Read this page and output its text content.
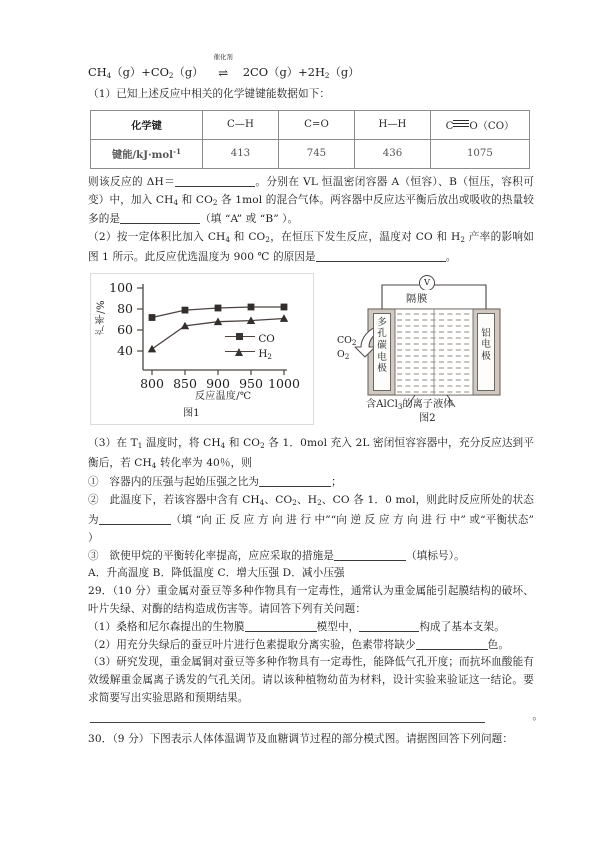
$CH_4(g)+CO_2(g)$
催化剂
⇌ $2CO(g)+2H_2(g)$
（1）已知上述反应中相关的化学键键能数据如下：
化学键	C—H	C=O	H—H	C O（CO）
键能/kJ·mol$^{-1}$	413	745	436	1075
则该反应的 ΔH＝	。分别在 VL 恒温密闭容器 A（恒容）、B（恒压，容积可变）中，加入 $CH_4$ 和 $CO_2$ 各 1mol 的混合气体。两容器中反应达平衡后放出或吸收的热量较多的是	（填 “A” 或 “B” ）。
（2）按一定体积比加入 $CH_4$ 和 $CO_2$，在恒压下发生反应，温度对 CO 和 $H_2$ 产率的影响如图 1 所示。此反应优选温度为 900 ℃ 的原因是	。
100
80
60
40
800 850 900 950 1000
产率/%
反应温度/℃
CO
$H_2$
图1
V
隔膜
多孔碳电极
铝电极
$CO_2$
$O_2$
含AlCl$_3$的离子液体
图2
（3）在 $T_1$ 温度时，将 $CH_4$ 和 $CO_2$ 各 1．0mol 充入 2L 密闭恒容容器中，充分反应达到平衡后，若 $CH_4$ 转化率为 40％，则
①　容器内的压强与起始压强之比为	；
②　此温度下，若该容器中含有 $CH_4$、$CO_2$、$H_2$、CO 各 1．0 mol，则此时反应所处的状态为	（填 “向 正 反 应 方 向 进 行 中”“向 逆 反 应 方 向 进 行 中” 或“平衡状态” ）
③　欲使甲烷的平衡转化率提高，应应采取的措施是	（填标号）。
A．升高温度 B．降低温度 C．增大压强 D．减小压强
29．（10 分）重金属对蚕豆等多种作物具有一定毒性，通常认为重金属能引起膜结构的破坏、叶片失绿、对酶的结构造成伤害等。请回答下列有关问题：
（1）桑格和尼尔森提出的生物膜	模型中，	构成了基本支架。
（2）用充分失绿后的蚕豆叶片进行色素提取分离实验，色素带将缺少	色。
（3）研究发现，重金属铜对蚕豆等多种作物具有一定毒性，能降低气孔开度；而抗坏血酸能有效缓解重金属离子诱发的气孔关闭。请以该种植物幼苗为材料，设计实验来验证这一结论。要求简要写出实验思路和预期结果。
。
30．（9 分）下图表示人体体温调节及血糖调节过程的部分模式图。请据图回答下列问题：
